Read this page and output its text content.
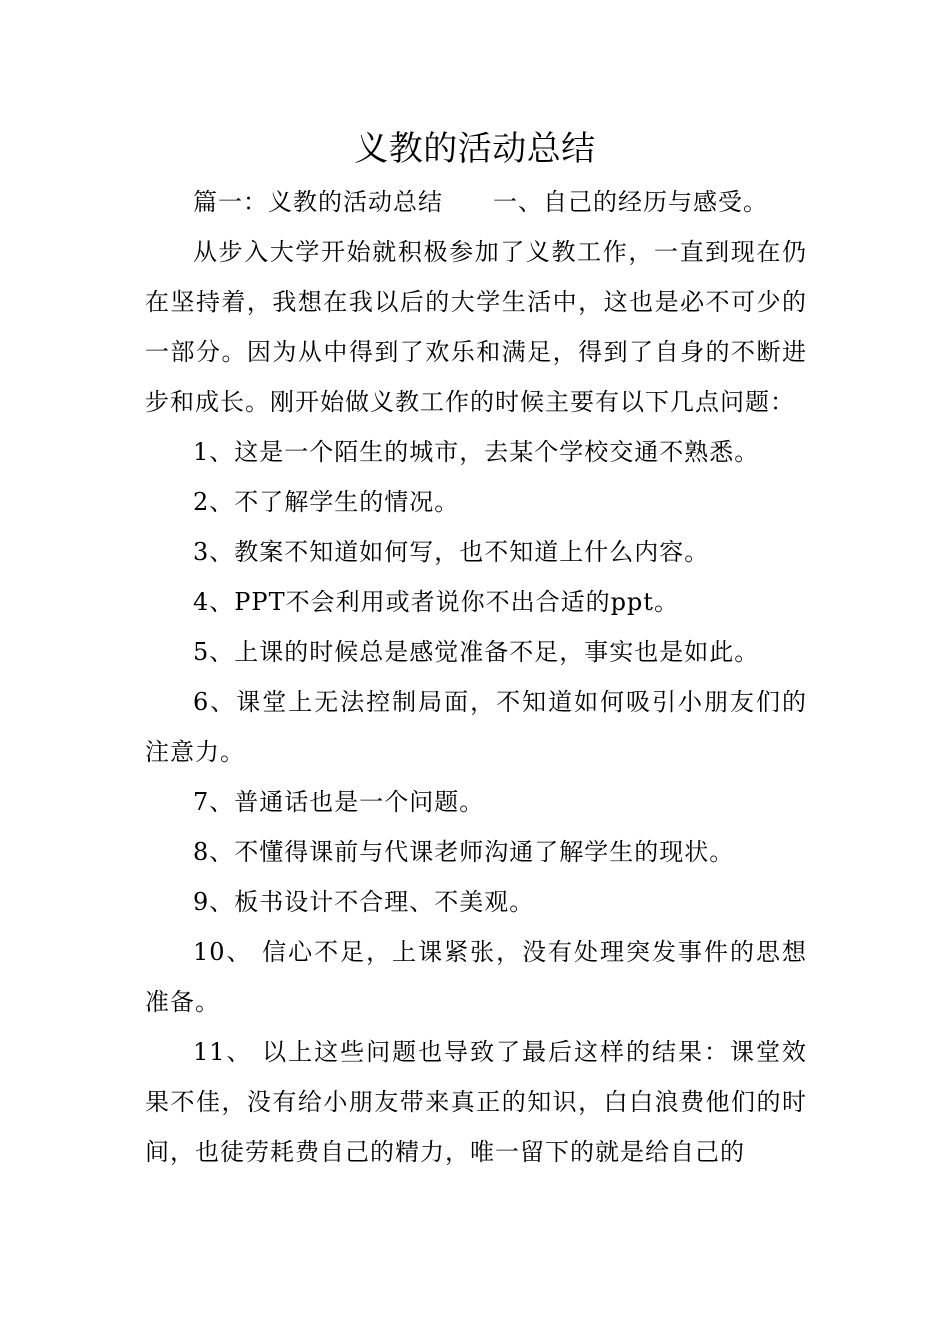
义教的活动总结

篇一：义教的活动总结　　一、自己的经历与感受。

从步入大学开始就积极参加了义教工作，一直到现在仍在坚持着，我想在我以后的大学生活中，这也是必不可少的一部分。因为从中得到了欢乐和满足，得到了自身的不断进步和成长。刚开始做义教工作的时候主要有以下几点问题：

1、这是一个陌生的城市，去某个学校交通不熟悉。

2、不了解学生的情况。

3、教案不知道如何写，也不知道上什么内容。

4、PPT不会利用或者说你不出合适的ppt。

5、上课的时候总是感觉准备不足，事实也是如此。

6、课堂上无法控制局面，不知道如何吸引小朋友们的注意力。

7、普通话也是一个问题。

8、不懂得课前与代课老师沟通了解学生的现状。

9、板书设计不合理、不美观。

10、 信心不足，上课紧张，没有处理突发事件的思想准备。

11、 以上这些问题也导致了最后这样的结果：课堂效果不佳，没有给小朋友带来真正的知识，白白浪费他们的时间，也徒劳耗费自己的精力，唯一留下的就是给自己的
